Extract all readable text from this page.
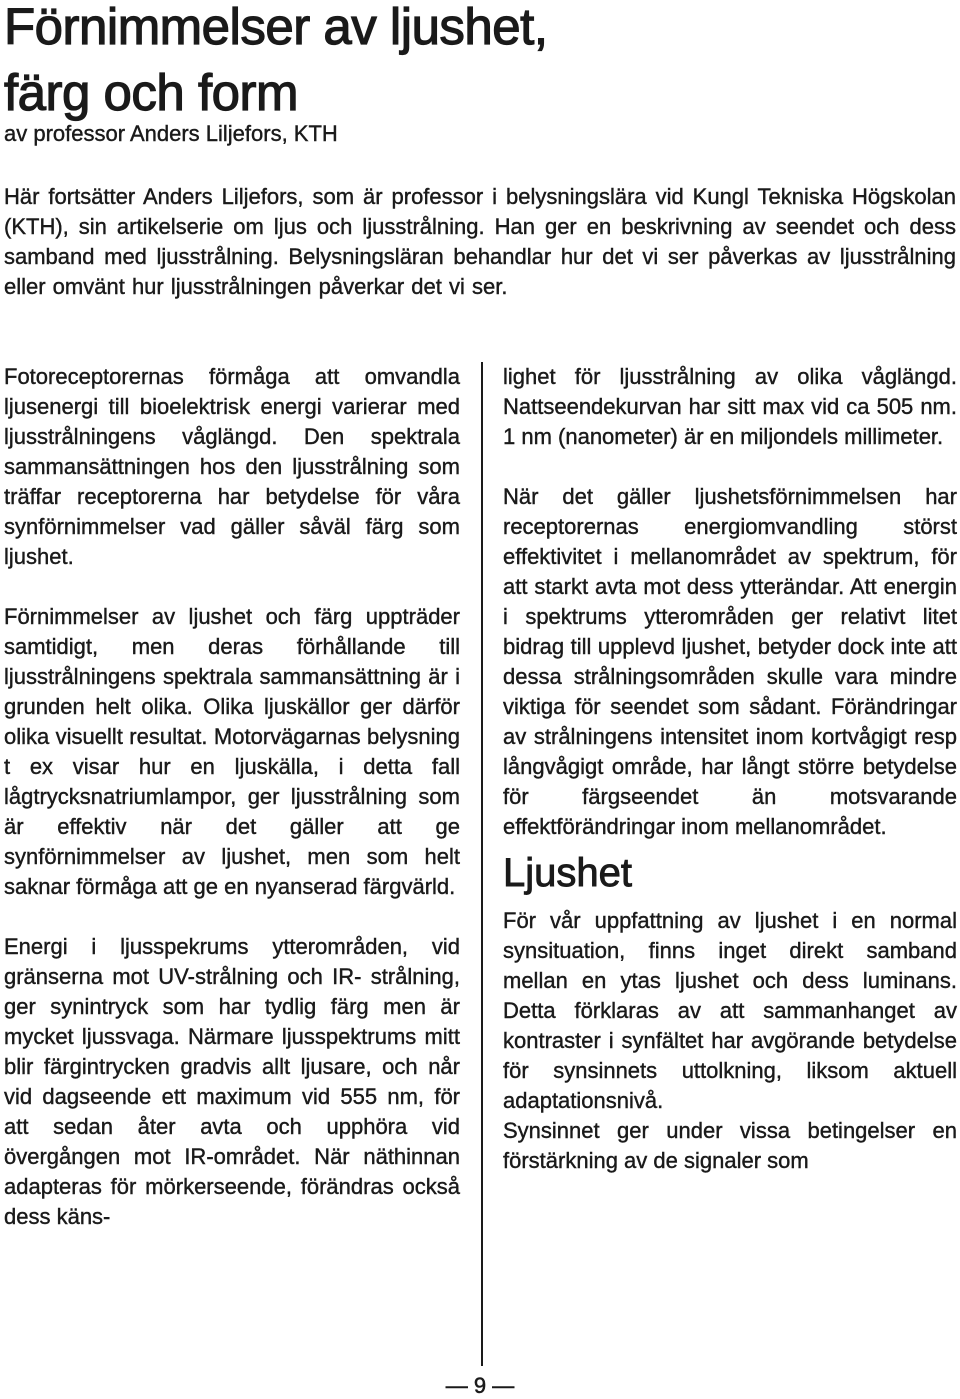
Förnimmelser av ljushet,
färg och form
av professor Anders Liljefors, KTH

Här fortsätter Anders Liljefors, som är professor i belysningslära vid Kungl Tekniska Högskolan (KTH), sin artikelserie om ljus och ljusstrålning. Han ger en beskrivning av seendet och dess samband med ljusstrålning. Belysningsläran behandlar hur det vi ser påverkas av ljusstrålning eller omvänt hur ljusstrålningen påverkar det vi ser.

Fotoreceptorernas förmåga att omvandla ljusenergi till bioelektrisk energi varierar med ljusstrålningens våglängd. Den spektrala sammansättningen hos den ljusstrålning som träffar receptorerna har betydelse för våra synförnimmelser vad gäller såväl färg som ljushet.

Förnimmelser av ljushet och färg uppträder samtidigt, men deras förhållande till ljusstrålningens spektrala sammansättning är i grunden helt olika. Olika ljuskällor ger därför olika visuellt resultat. Motorvägarnas belysning t ex visar hur en ljuskälla, i detta fall lågtrycksnatriumlampor, ger ljusstrålning som är effektiv när det gäller att ge synförnimmelser av ljushet, men som helt saknar förmåga att ge en nyanserad färgvärld.

Energi i ljusspekrums ytterområden, vid gränserna mot UV-strålning och IR- strålning, ger synintryck som har tydlig färg men är mycket ljussvaga. Närmare ljusspektrums mitt blir färgintrycken gradvis allt ljusare, och når vid dagseende ett maximum vid 555 nm, för att sedan åter avta och upphöra vid övergången mot IR-området. När näthinnan adapteras för mörkerseende, förändras också dess käns-

lighet för ljusstrålning av olika våglängd. Nattseendekurvan har sitt max vid ca 505 nm. 1 nm (nanometer) är en miljondels millimeter.

När det gäller ljushetsförnimmelsen har receptorernas energiomvandling störst effektivitet i mellanområdet av spektrum, för att starkt avta mot dess ytterändar. Att energin i spektrums ytterområden ger relativt litet bidrag till upplevd ljushet, betyder dock inte att dessa strålningsområden skulle vara mindre viktiga för seendet som sådant. Förändringar av strålningens intensitet inom kortvågigt resp långvågigt område, har långt större betydelse för färgseendet än motsvarande effektförändringar inom mellanområdet.

Ljushet

För vår uppfattning av ljushet i en normal synsituation, finns inget direkt samband mellan en ytas ljushet och dess luminans. Detta förklaras av att sammanhanget av kontraster i synfältet har avgörande betydelse för synsinnets uttolkning, liksom aktuell adaptationsnivå.

Synsinnet ger under vissa betingelser en förstärkning av de signaler som

— 9 —
